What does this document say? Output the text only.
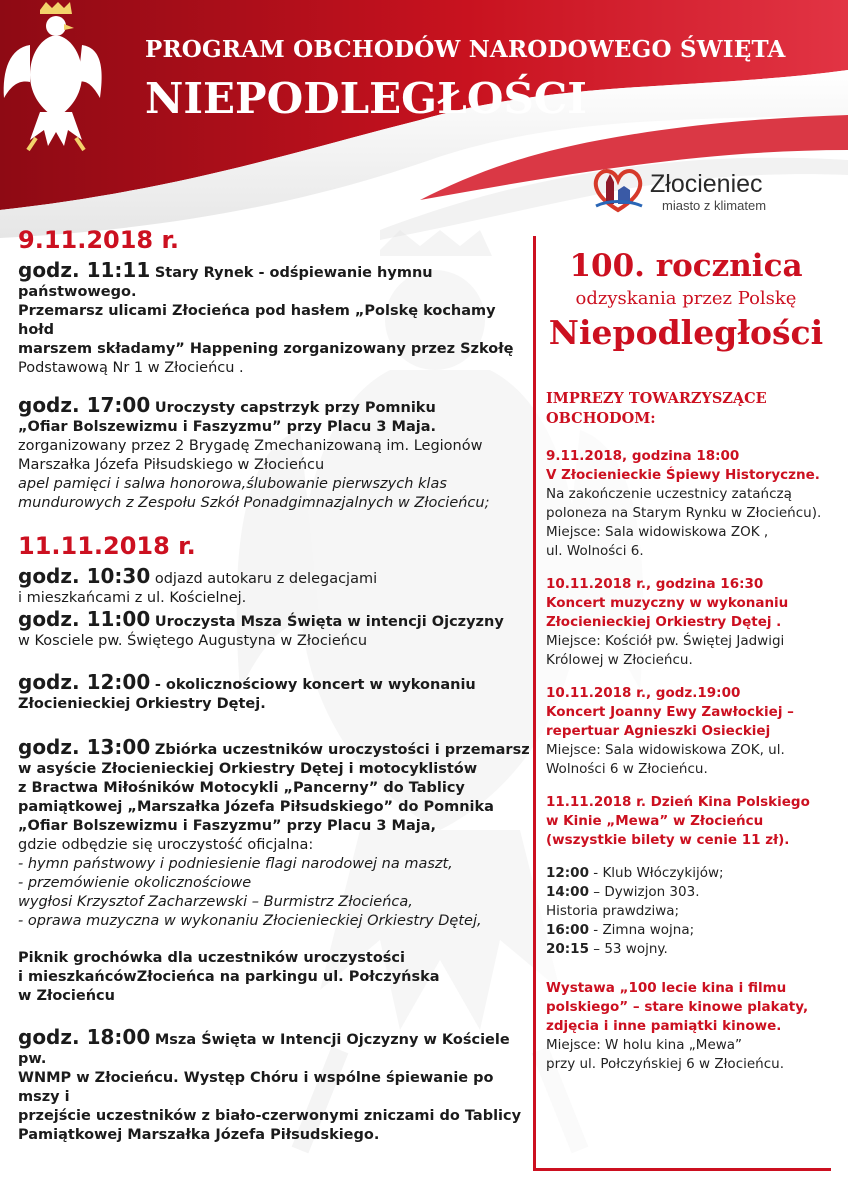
PROGRAM OBCHODÓW NARODOWEGO ŚWIĘTA
NIEPODLEGŁOŚCI
Złocieniec
miasto z klimatem
9.11.2018 r.

godz. 11:11 Stary Rynek - odśpiewanie hymnu państwowego.

Przemarsz ulicami Złocieńca pod hasłem „Polskę kochamy hołd

marszem składamy” Happening zorganizowany przez Szkołę

Podstawową Nr 1 w Złocieńcu .

godz. 17:00 Uroczysty capstrzyk przy Pomniku

„Ofiar Bolszewizmu i Faszyzmu” przy Placu 3 Maja.

zorganizowany przez 2 Brygadę Zmechanizowaną im. Legionów

Marszałka Józefa Piłsudskiego w Złocieńcu

apel pamięci i salwa honorowa,ślubowanie pierwszych klas

mundurowych z Zespołu Szkół Ponadgimnazjalnych w Złocieńcu;

11.11.2018 r.

godz. 10:30 odjazd autokaru z delegacjami

i mieszkańcami z ul. Kościelnej.

godz. 11:00 Uroczysta Msza Święta w intencji Ojczyzny

w Kosciele pw. Świętego Augustyna w Złocieńcu

godz. 12:00 - okolicznościowy koncert w wykonaniu

Złocienieckiej Orkiestry Dętej.

godz. 13:00 Zbiórka uczestników uroczystości i przemarsz

w asyście Złocienieckiej Orkiestry Dętej i motocyklistów

z Bractwa Miłośników Motocykli „Pancerny” do Tablicy

pamiątkowej „Marszałka Józefa Piłsudskiego” do Pomnika

„Ofiar Bolszewizmu i Faszyzmu” przy Placu 3 Maja,

gdzie odbędzie się uroczystość oficjalna:

- hymn państwowy i podniesienie flagi narodowej na maszt,

- przemówienie okolicznościowe

wygłosi Krzysztof Zacharzewski – Burmistrz Złocieńca,

- oprawa muzyczna w wykonaniu Złocienieckiej Orkiestry Dętej,

Piknik grochówka dla uczestników uroczystości

i mieszkańcówZłocieńca na parkingu ul. Połczyńska

w Złocieńcu

godz. 18:00 Msza Święta w Intencji Ojczyzny w Kościele pw.

WNMP w Złocieńcu. Występ Chóru i wspólne śpiewanie po mszy i

przejście uczestników z biało-czerwonymi zniczami do Tablicy

Pamiątkowej Marszałka Józefa Piłsudskiego.

100. rocznica
odzyskania przez Polskę
Niepodległości
IMPREZY TOWARZYSZĄCE
OBCHODOM:

9.11.2018, godzina 18:00

V Złocienieckie Śpiewy Historyczne.

Na zakończenie uczestnicy zatańczą

poloneza na Starym Rynku w Złocieńcu).

Miejsce: Sala widowiskowa ZOK ,

ul. Wolności 6.

10.11.2018 r., godzina 16:30

Koncert muzyczny w wykonaniu

Złocienieckiej Orkiestry Dętej .

Miejsce: Kościół pw. Świętej Jadwigi

Królowej w Złocieńcu.

10.11.2018 r., godz.19:00

Koncert Joanny Ewy Zawłockiej –

repertuar Agnieszki Osieckiej

Miejsce: Sala widowiskowa ZOK, ul.

Wolności 6 w Złocieńcu.

11.11.2018 r. Dzień Kina Polskiego

w Kinie „Mewa” w Złocieńcu

(wszystkie bilety w cenie 11 zł).

12:00 - Klub Włóczykijów;

14:00 – Dywizjon 303.

Historia prawdziwa;

16:00 - Zimna wojna;

20:15 – 53 wojny.

Wystawa „100 lecie kina i filmu

polskiego” – stare kinowe plakaty,

zdjęcia i inne pamiątki kinowe.

Miejsce: W holu kina „Mewa”

przy ul. Połczyńskiej 6 w Złocieńcu.
